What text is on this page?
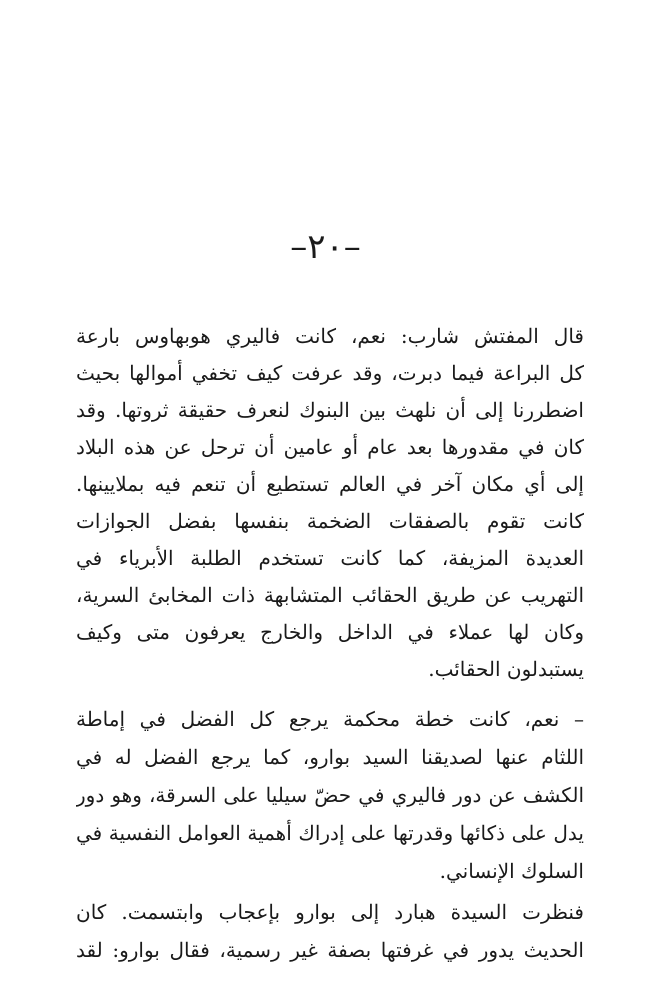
–٢٠–
قال المفتش شارب: نعم، كانت فاليري هوبهاوس بارعة
كل البراعة فيما دبرت، وقد عرفت كيف تخفي أموالها بحيث
اضطررنا إلى أن نلهث بين البنوك لنعرف حقيقة ثروتها. وقد
كان في مقدورها بعد عام أو عامين أن ترحل عن هذه البلاد
إلى أي مكان آخر في العالم تستطيع أن تنعم فيه بملايينها.
كانت تقوم بالصفقات الضخمة بنفسها بفضل الجوازات
العديدة المزيفة، كما كانت تستخدم الطلبة الأبرياء في
التهريب عن طريق الحقائب المتشابهة ذات المخابئ السرية،
وكان لها عملاء في الداخل والخارج يعرفون متى وكيف
يستبدلون الحقائب.
– نعم، كانت خطة محكمة يرجع كل الفضل في إماطة
اللثام عنها لصديقنا السيد بوارو، كما يرجع الفضل له في
الكشف عن دور فاليري في حضّ سيليا على السرقة، وهو دور
يدل على ذكائها وقدرتها على إدراك أهمية العوامل النفسية في
السلوك الإنساني.
فنظرت السيدة هبارد إلى بوارو بإعجاب وابتسمت. كان
الحديث يدور في غرفتها بصفة غير رسمية، فقال بوارو: لقد
